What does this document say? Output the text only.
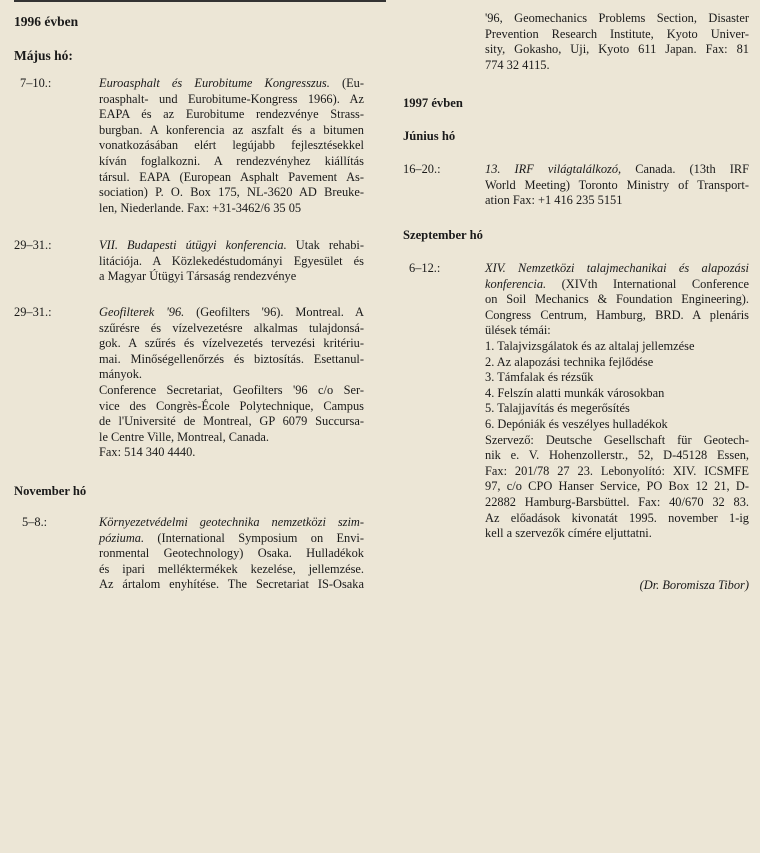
1996 évben
Május hó:
7–10.:	Euroasphalt és Eurobitume Kongresszus. (Eu-
roasphalt- und Eurobitume-Kongress 1966). Az
EAPA és az Eurobitume rendezvénye Strass-
burgban. A konferencia az aszfalt és a bitumen
vonatkozásában elért legújabb fejlesztésekkel
kíván foglalkozni. A rendezvényhez kiállítás
társul. EAPA (European Asphalt Pavement As-
sociation) P. O. Box 175, NL-3620 AD Breukе-
len, Niederlande. Fax: +31-3462/6 35 05
29–31.:	VII. Budapesti útügyi konferencia. Utak rehabi-
litációja. A Közlekedéstudományi Egyesület és
a Magyar Útügyi Társaság rendezvénye
29–31.:	Geofilterek '96. (Geofilters '96). Montreal. A
szűrésre és vízelvezetésre alkalmas tulajdonsá-
gok. A szűrés és vízelvezetés tervezési kritériu-
mai. Minőségellenőrzés és biztosítás. Esettanul-
mányok.
Conference Secretariat, Geofilters '96 c/o Ser-
vice des Congrès-École Polytechnique, Campus
de l'Université de Montreal, GP 6079 Succursa-
le Centre Ville, Montreal, Canada.
Fax: 514 340 4440.
November hó
5–8.:	Környezetvédelmi geotechnika nemzetközi szim-
póziuma. (International Symposium on Envi-
ronmental Geotechnology) Osaka. Hulladékok
és ipari melléktermékek kezelése, jellemzése.
Az ártalom enyhítése. The Secretariat IS-Osaka
'96, Geomechanics Problems Section, Disaster
Prevention Research Institute, Kyoto Univer-
sity, Gokasho, Uji, Kyoto 611 Japan. Fax: 81
774 32 4115.
1997 évben
Június hó
16–20.:	13. IRF világtalálkozó, Canada. (13th IRF
World Meeting) Toronto Ministry of Transport-
ation Fax: +1 416 235 5151
Szeptember hó
6–12.:	XIV. Nemzetközi talajmechanikai és alapozási
konferencia. (XIVth International Conference
on Soil Mechanics & Foundation Engineering).
Congress Centrum, Hamburg, BRD. A plenáris
ülések témái:
1. Talajvizsgálatok és az altalaj jellemzése
2. Az alapozási technika fejlődése
3. Támfalak és rézsűk
4. Felszín alatti munkák városokban
5. Talajjavítás és megerősítés
6. Depóniák és veszélyes hulladékok
Szervező: Deutsche Gesellschaft für Geotech-
nik e. V. Hohenzollerstr., 52, D-45128 Essen,
Fax: 201/78 27 23. Lebonyolító: XIV. ICSMFE
97, c/o CPO Hanser Service, PO Box 12 21, D-
22882 Hamburg-Barsbüttel. Fax: 40/670 32 83.
Az előadások kivonatát 1995. november 1-ig
kell a szervezők címére eljuttatni.
(Dr. Boromisza Tibor)
